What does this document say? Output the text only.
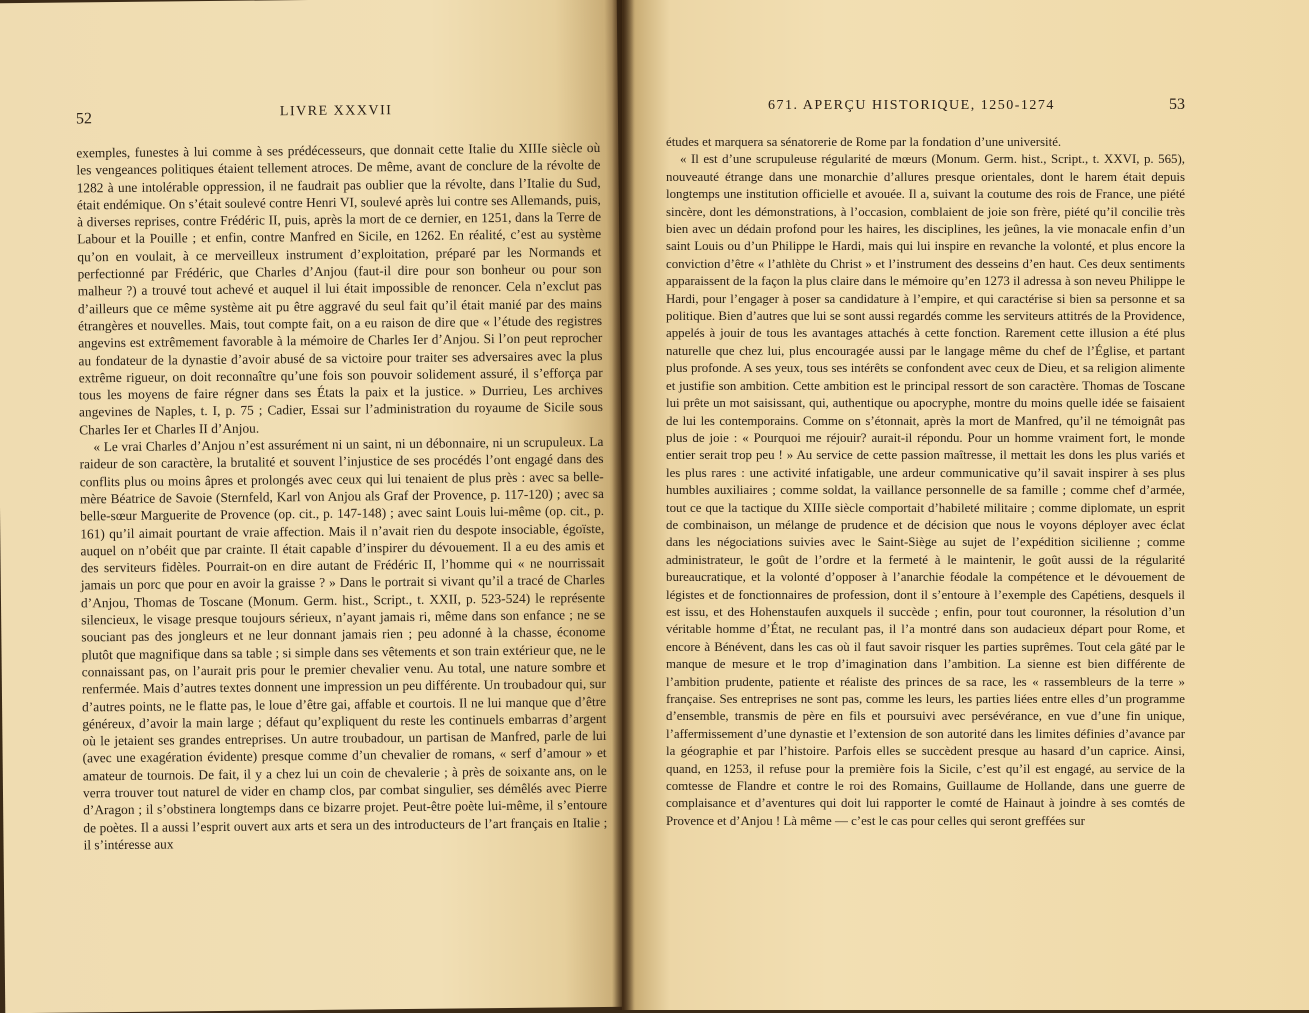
52	LIVRE XXXVII

exemples, funestes à lui comme à ses prédécesseurs, que donnait cette Italie du XIIIe siècle où les vengeances politiques étaient tellement atroces. De même, avant de conclure de la révolte de 1282 à une intolérable oppression, il ne faudrait pas oublier que la révolte, dans l’Italie du Sud, était endémique. On s’était soulevé contre Henri VI, soulevé après lui contre ses Allemands, puis, à diverses reprises, contre Frédéric II, puis, après la mort de ce dernier, en 1251, dans la Terre de Labour et la Pouille ; et enfin, contre Manfred en Sicile, en 1262. En réalité, c’est au système qu’on en voulait, à ce merveilleux instrument d’exploitation, préparé par les Normands et perfectionné par Frédéric, que Charles d’Anjou (faut-il dire pour son bonheur ou pour son malheur ?) a trouvé tout achevé et auquel il lui était impossible de renoncer. Cela n’exclut pas d’ailleurs que ce même système ait pu être aggravé du seul fait qu’il était manié par des mains étrangères et nouvelles. Mais, tout compte fait, on a eu raison de dire que « l’étude des registres angevins est extrêmement favorable à la mémoire de Charles Ier d’Anjou. Si l’on peut reprocher au fondateur de la dynastie d’avoir abusé de sa victoire pour traiter ses adversaires avec la plus extrême rigueur, on doit reconnaître qu’une fois son pouvoir solidement assuré, il s’efforça par tous les moyens de faire régner dans ses États la paix et la justice. » Durrieu, Les archives angevines de Naples, t. I, p. 75 ; Cadier, Essai sur l’administration du royaume de Sicile sous Charles Ier et Charles II d’Anjou.

« Le vrai Charles d’Anjou n’est assurément ni un saint, ni un débonnaire, ni un scrupuleux. La raideur de son caractère, la brutalité et souvent l’injustice de ses procédés l’ont engagé dans des conflits plus ou moins âpres et prolongés avec ceux qui lui tenaient de plus près : avec sa belle-mère Béatrice de Savoie (Sternfeld, Karl von Anjou als Graf der Provence, p. 117-120) ; avec sa belle-sœur Marguerite de Provence (op. cit., p. 147-148) ; avec saint Louis lui-même (op. cit., p. 161) qu’il aimait pourtant de vraie affection. Mais il n’avait rien du despote insociable, égoïste, auquel on n’obéit que par crainte. Il était capable d’inspirer du dévouement. Il a eu des amis et des serviteurs fidèles. Pourrait-on en dire autant de Frédéric II, l’homme qui « ne nourrissait jamais un porc que pour en avoir la graisse ? » Dans le portrait si vivant qu’il a tracé de Charles d’Anjou, Thomas de Toscane (Monum. Germ. hist., Script., t. XXII, p. 523-524) le représente silencieux, le visage presque toujours sérieux, n’ayant jamais ri, même dans son enfance ; ne se souciant pas des jongleurs et ne leur donnant jamais rien ; peu adonné à la chasse, économe plutôt que magnifique dans sa table ; si simple dans ses vêtements et son train extérieur que, ne le connaissant pas, on l’aurait pris pour le premier chevalier venu. Au total, une nature sombre et renfermée. Mais d’autres textes donnent une impression un peu différente. Un troubadour qui, sur d’autres points, ne le flatte pas, le loue d’être gai, affable et courtois. Il ne lui manque que d’être généreux, d’avoir la main large ; défaut qu’expliquent du reste les continuels embarras d’argent où le jetaient ses grandes entreprises. Un autre troubadour, un partisan de Manfred, parle de lui (avec une exagération évidente) presque comme d’un chevalier de romans, « serf d’amour » et amateur de tournois. De fait, il y a chez lui un coin de chevalerie ; à près de soixante ans, on le verra trouver tout naturel de vider en champ clos, par combat singulier, ses démêlés avec Pierre d’Aragon ; il s’obstinera longtemps dans ce bizarre projet. Peut-être poète lui-même, il s’entoure de poètes. Il a aussi l’esprit ouvert aux arts et sera un des introducteurs de l’art français en Italie ; il s’intéresse aux

671. APERÇU HISTORIQUE, 1250-1274	53

études et marquera sa sénatorerie de Rome par la fondation d’une université.

« Il est d’une scrupuleuse régularité de mœurs (Monum. Germ. hist., Script., t. XXVI, p. 565), nouveauté étrange dans une monarchie d’allures presque orientales, dont le harem était depuis longtemps une institution officielle et avouée. Il a, suivant la coutume des rois de France, une piété sincère, dont les démonstrations, à l’occasion, comblaient de joie son frère, piété qu’il concilie très bien avec un dédain profond pour les haires, les disciplines, les jeûnes, la vie monacale enfin d’un saint Louis ou d’un Philippe le Hardi, mais qui lui inspire en revanche la volonté, et plus encore la conviction d’être « l’athlète du Christ » et l’instrument des desseins d’en haut. Ces deux sentiments apparaissent de la façon la plus claire dans le mémoire qu’en 1273 il adressa à son neveu Philippe le Hardi, pour l’engager à poser sa candidature à l’empire, et qui caractérise si bien sa personne et sa politique. Bien d’autres que lui se sont aussi regardés comme les serviteurs attitrés de la Providence, appelés à jouir de tous les avantages attachés à cette fonction. Rarement cette illusion a été plus naturelle que chez lui, plus encouragée aussi par le langage même du chef de l’Église, et partant plus profonde. A ses yeux, tous ses intérêts se confondent avec ceux de Dieu, et sa religion alimente et justifie son ambition. Cette ambition est le principal ressort de son caractère. Thomas de Toscane lui prête un mot saisissant, qui, authentique ou apocryphe, montre du moins quelle idée se faisaient de lui les contemporains. Comme on s’étonnait, après la mort de Manfred, qu’il ne témoignât pas plus de joie : « Pourquoi me réjouir? aurait-il répondu. Pour un homme vraiment fort, le monde entier serait trop peu ! » Au service de cette passion maîtresse, il mettait les dons les plus variés et les plus rares : une activité infatigable, une ardeur communicative qu’il savait inspirer à ses plus humbles auxiliaires ; comme soldat, la vaillance personnelle de sa famille ; comme chef d’armée, tout ce que la tactique du XIIIe siècle comportait d’habileté militaire ; comme diplomate, un esprit de combinaison, un mélange de prudence et de décision que nous le voyons déployer avec éclat dans les négociations suivies avec le Saint-Siège au sujet de l’expédition sicilienne ; comme administrateur, le goût de l’ordre et la fermeté à le maintenir, le goût aussi de la régularité bureaucratique, et la volonté d’opposer à l’anarchie féodale la compétence et le dévouement de légistes et de fonctionnaires de profession, dont il s’entoure à l’exemple des Capétiens, desquels il est issu, et des Hohenstaufen auxquels il succède ; enfin, pour tout couronner, la résolution d’un véritable homme d’État, ne reculant pas, il l’a montré dans son audacieux départ pour Rome, et encore à Bénévent, dans les cas où il faut savoir risquer les parties suprêmes. Tout cela gâté par le manque de mesure et le trop d’imagination dans l’ambition. La sienne est bien différente de l’ambition prudente, patiente et réaliste des princes de sa race, les « rassembleurs de la terre » française. Ses entreprises ne sont pas, comme les leurs, les parties liées entre elles d’un programme d’ensemble, transmis de père en fils et poursuivi avec persévérance, en vue d’une fin unique, l’affermissement d’une dynastie et l’extension de son autorité dans les limites définies d’avance par la géographie et par l’histoire. Parfois elles se succèdent presque au hasard d’un caprice. Ainsi, quand, en 1253, il refuse pour la première fois la Sicile, c’est qu’il est engagé, au service de la comtesse de Flandre et contre le roi des Romains, Guillaume de Hollande, dans une guerre de complaisance et d’aventures qui doit lui rapporter le comté de Hainaut à joindre à ses comtés de Provence et d’Anjou ! Là même — c’est le cas pour celles qui seront greffées sur
